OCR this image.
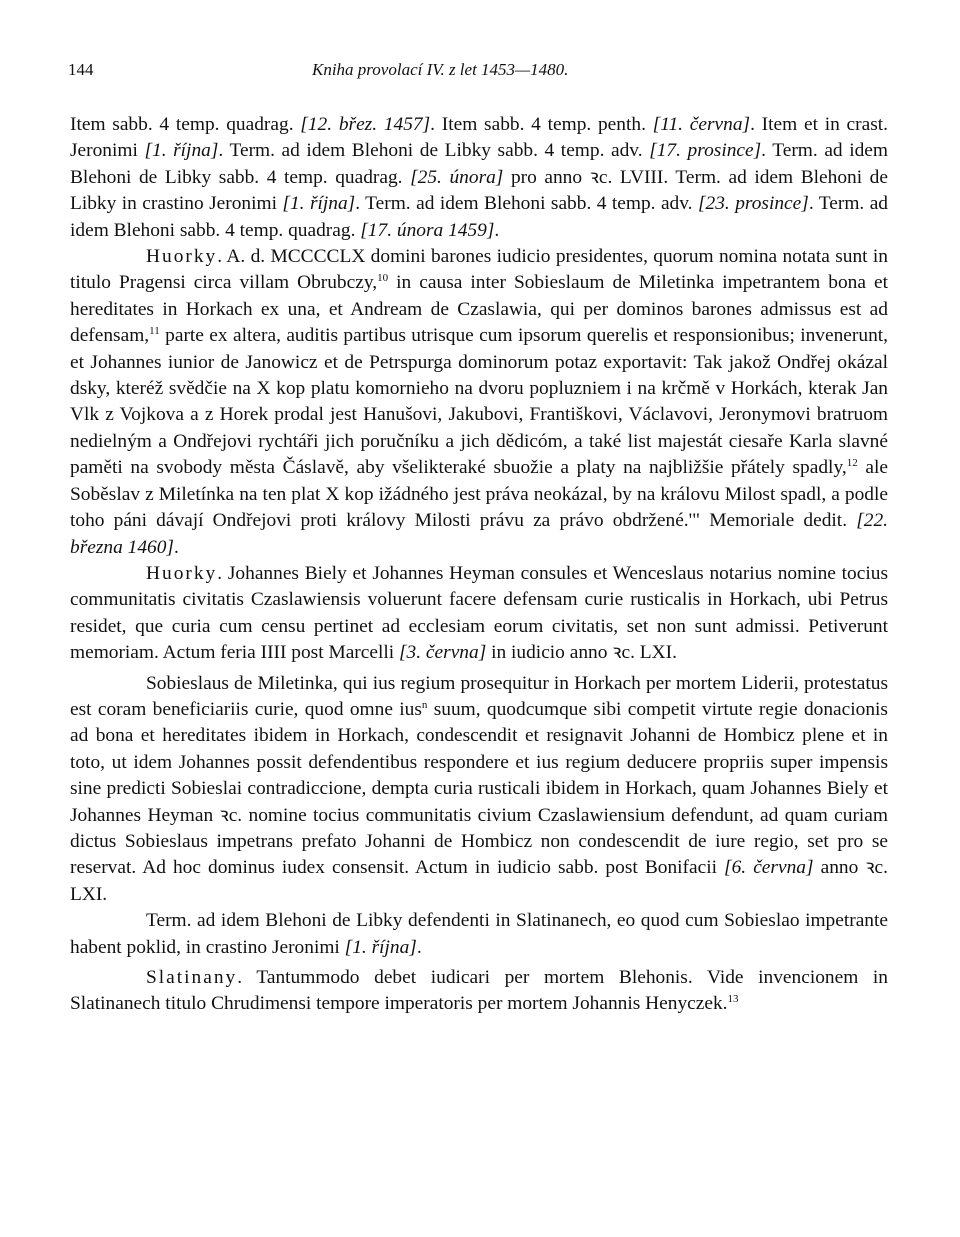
144	Kniha provolací IV. z let 1453—1480.

Item sabb. 4 temp. quadrag. [12. břez. 1457]. Item sabb. 4 temp. penth. [11. června]. Item et in crast. Jeronimi [1. října]. Term. ad idem Blehoni de Libky sabb. 4 temp. adv. [17. prosince]. Term. ad idem Blehoni de Libky sabb. 4 temp. quadrag. [25. února] pro anno ꝛc. LVIII. Term. ad idem Blehoni de Libky in crastino Jeronimi [1. října]. Term. ad idem Blehoni sabb. 4 temp. adv. [23. prosince]. Term. ad idem Blehoni sabb. 4 temp. quadrag. [17. února 1459].

Huorky. A. d. MCCCCLX domini barones iudicio presidentes, quorum nomina notata sunt in titulo Pragensi circa villam Obrubczy,$^{10}$ in causa inter Sobieslaum de Miletinka impetrantem bona et hereditates in Horkach ex una, et Andream de Czaslawia, qui per dominos barones admissus est ad defensam,$^{11}$ parte ex altera, auditis partibus utrisque cum ipsorum querelis et responsionibus; invenerunt, et Johannes iunior de Janowicz et de Petrspurga dominorum potaz exportavit: Tak jakož Ondřej okázal dsky, kteréž svědčie na X kop platu komornieho na dvoru popluzniem i na krčmě v Horkách, kterak Jan Vlk z Vojkova a z Horek prodal jest Hanušovi, Jakubovi, Františkovi, Václavovi, Jeronymovi bratruom nedielným a Ondřejovi rychtáři jich poručníku a jich dědicóm, a také list majestát ciesaře Karla slavné paměti na svobody města Čáslavě, aby všelikteraké sbuožie a platy na najbližšie přátely spadly,$^{12}$ ale Soběslav z Miletínka na ten plat X kop ižádného jest práva neokázal, by na královu Milost spadl, a podle toho páni dávají Ondřejovi proti královy Milosti právu za právo obdržené.'" Memoriale dedit. [22. března 1460].

Huorky. Johannes Biely et Johannes Heyman consules et Wenceslaus notarius nomine tocius communitatis civitatis Czaslawiensis voluerunt facere defensam curie rusticalis in Horkach, ubi Petrus residet, que curia cum censu pertinet ad ecclesiam eorum civitatis, set non sunt admissi. Petiverunt memoriam. Actum feria IIII post Marcelli [3. června] in iudicio anno ꝛc. LXI.

Sobieslaus de Miletinka, qui ius regium prosequitur in Horkach per mortem Liderii, protestatus est coram beneficiariis curie, quod omne ius$^n$ suum, quodcumque sibi competit virtute regie donacionis ad bona et hereditates ibidem in Horkach, condescendit et resignavit Johanni de Hombicz plene et in toto, ut idem Johannes possit defendentibus respondere et ius regium deducere propriis super impensis sine predicti Sobieslai contradiccione, dempta curia rusticali ibidem in Horkach, quam Johannes Biely et Johannes Heyman ꝛc. nomine tocius communitatis civium Czaslawiensium defendunt, ad quam curiam dictus Sobieslaus impetrans prefato Johanni de Hombicz non condescendit de iure regio, set pro se reservat. Ad hoc dominus iudex consensit. Actum in iudicio sabb. post Bonifacii [6. června] anno ꝛc. LXI.

Term. ad idem Blehoni de Libky defendenti in Slatinanech, eo quod cum Sobieslao impetrante habent poklid, in crastino Jeronimi [1. října].

Slatinany. Tantummodo debet iudicari per mortem Blehonis. Vide invencionem in Slatinanech titulo Chrudimensi tempore imperatoris per mortem Johannis Henyczek.$^{13}$
